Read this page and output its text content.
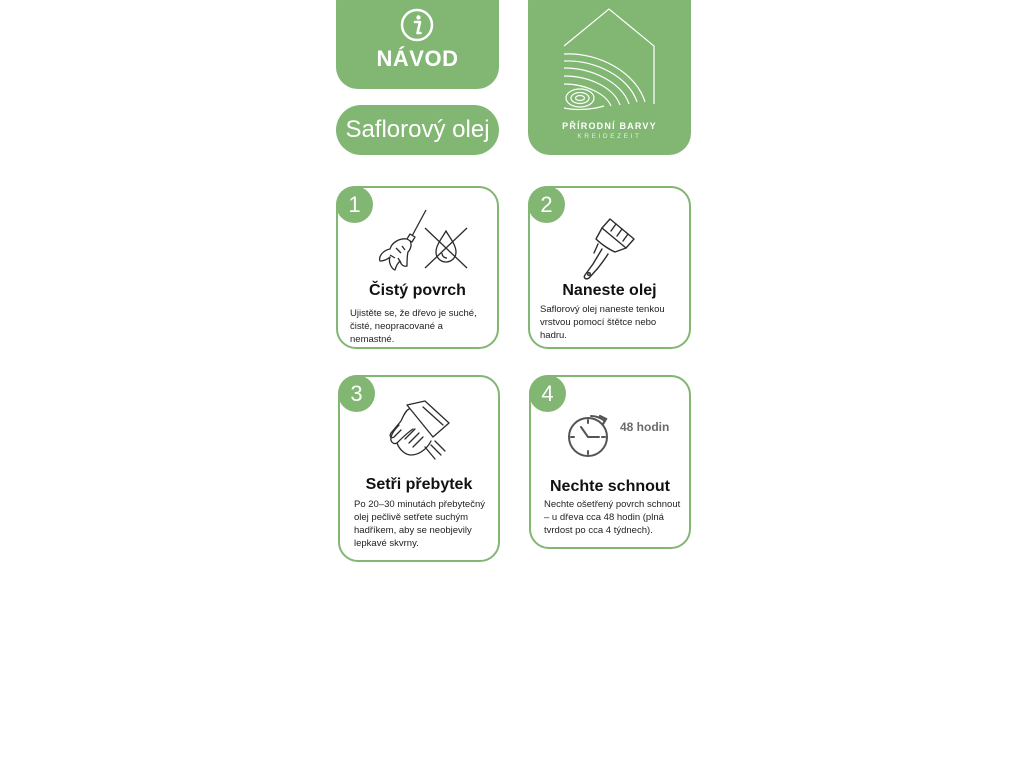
NÁVOD
Saflorový olej	PŘÍRODNÍ BARVY
KREIDEZEIT
1
Čistý povrch
Ujistěte se, že dřevo je suché, čisté, neopracované a nemastné.
2
Naneste olej
Saflorový olej naneste tenkou vrstvou pomocí štětce nebo hadru.
3
Setři přebytek
Po 20–30 minutách přebytečný olej pečlivě setřete suchým hadříkem, aby se neobjevily lepkavé skvrny.
4
48 hodin
Nechte schnout
Nechte ošetřený povrch schnout – u dřeva cca 48 hodin (plná tvrdost po cca 4 týdnech).
